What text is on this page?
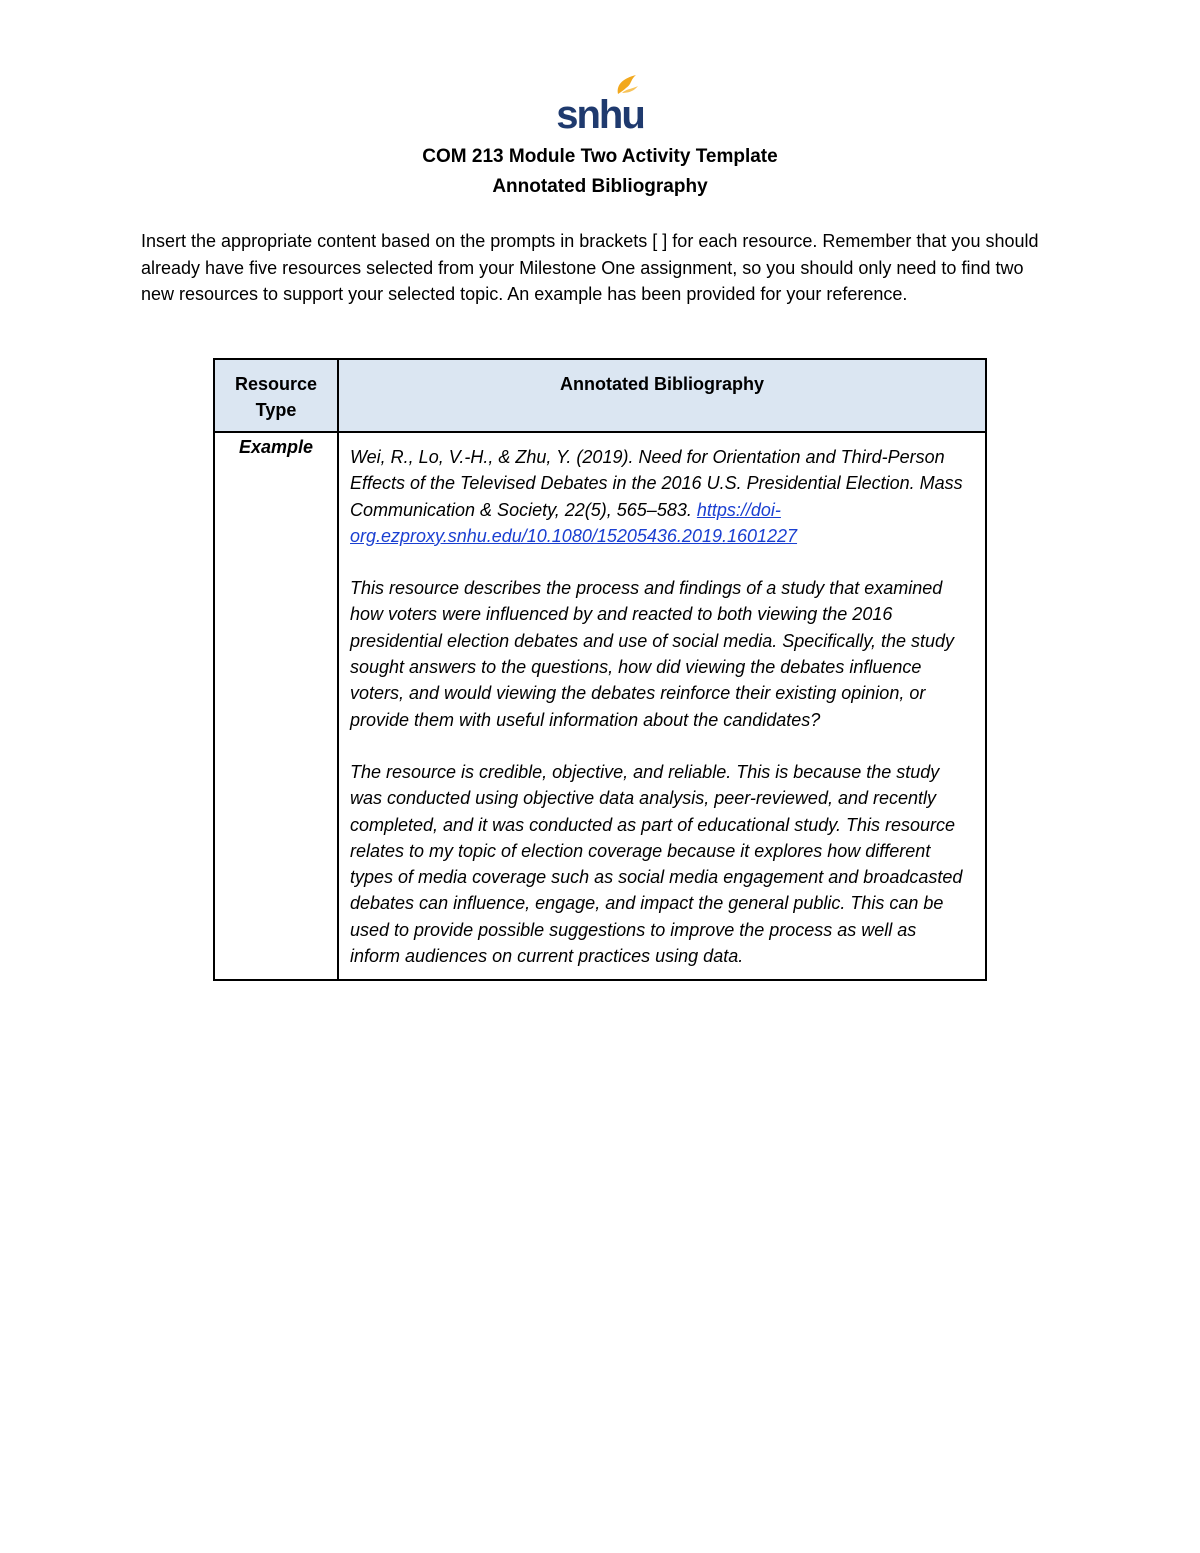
snhu
COM 213 Module Two Activity Template
Annotated Bibliography
Insert the appropriate content based on the prompts in brackets [ ] for each resource. Remember that you should already have five resources selected from your Milestone One assignment, so you should only need to find two new resources to support your selected topic. An example has been provided for your reference.
Resource Type	Annotated Bibliography
Example	Wei, R., Lo, V.-H., & Zhu, Y. (2019). Need for Orientation and Third-Person Effects of the Televised Debates in the 2016 U.S. Presidential Election. Mass Communication & Society, 22(5), 565–583. https://doi-org.ezproxy.snhu.edu/10.1080/15205436.2019.1601227

This resource describes the process and findings of a study that examined how voters were influenced by and reacted to both viewing the 2016 presidential election debates and use of social media. Specifically, the study sought answers to the questions, how did viewing the debates influence voters, and would viewing the debates reinforce their existing opinion, or provide them with useful information about the candidates?

The resource is credible, objective, and reliable. This is because the study was conducted using objective data analysis, peer-reviewed, and recently completed, and it was conducted as part of educational study. This resource relates to my topic of election coverage because it explores how different types of media coverage such as social media engagement and broadcasted debates can influence, engage, and impact the general public. This can be used to provide possible suggestions to improve the process as well as inform audiences on current practices using data.
